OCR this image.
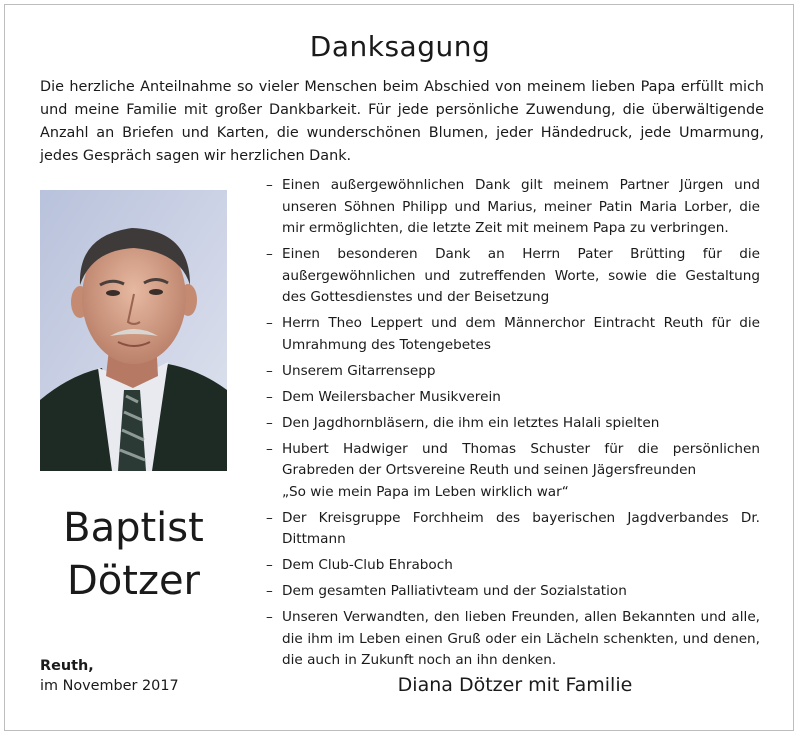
Danksagung
Die herzliche Anteilnahme so vieler Menschen beim Abschied von meinem lieben Papa erfüllt mich und meine Familie mit großer Dankbarkeit. Für jede persönliche Zuwendung, die überwältigende Anzahl an Briefen und Karten, die wunderschönen Blumen, jeder Händedruck, jede Umarmung, jedes Gespräch sagen wir herzlichen Dank.
Baptist
Dötzer
Reuth,
im November 2017
– Einen außergewöhnlichen Dank gilt meinem Partner Jürgen und unseren Söhnen Philipp und Marius, meiner Patin Maria Lorber, die mir ermöglichten, die letzte Zeit mit meinem Papa zu verbringen.
– Einen besonderen Dank an Herrn Pater Brütting für die außergewöhnlichen und zutreffenden Worte, sowie die Gestaltung des Gottesdienstes und der Beisetzung
– Herrn Theo Leppert und dem Männerchor Eintracht Reuth für die Umrahmung des Totengebetes
– Unserem Gitarrensepp
– Dem Weilersbacher Musikverein
– Den Jagdhornbläsern, die ihm ein letztes Halali spielten
– Hubert Hadwiger und Thomas Schuster für die persönlichen Grabreden der Ortsvereine Reuth und seinen Jägersfreunden
„So wie mein Papa im Leben wirklich war“
– Der Kreisgruppe Forchheim des bayerischen Jagdverbandes Dr. Dittmann
– Dem Club-Club Ehraboch
– Dem gesamten Palliativteam und der Sozialstation
– Unseren Verwandten, den lieben Freunden, allen Bekannten und alle, die ihm im Leben einen Gruß oder ein Lächeln schenkten, und denen, die auch in Zukunft noch an ihn denken.
Diana Dötzer mit Familie
